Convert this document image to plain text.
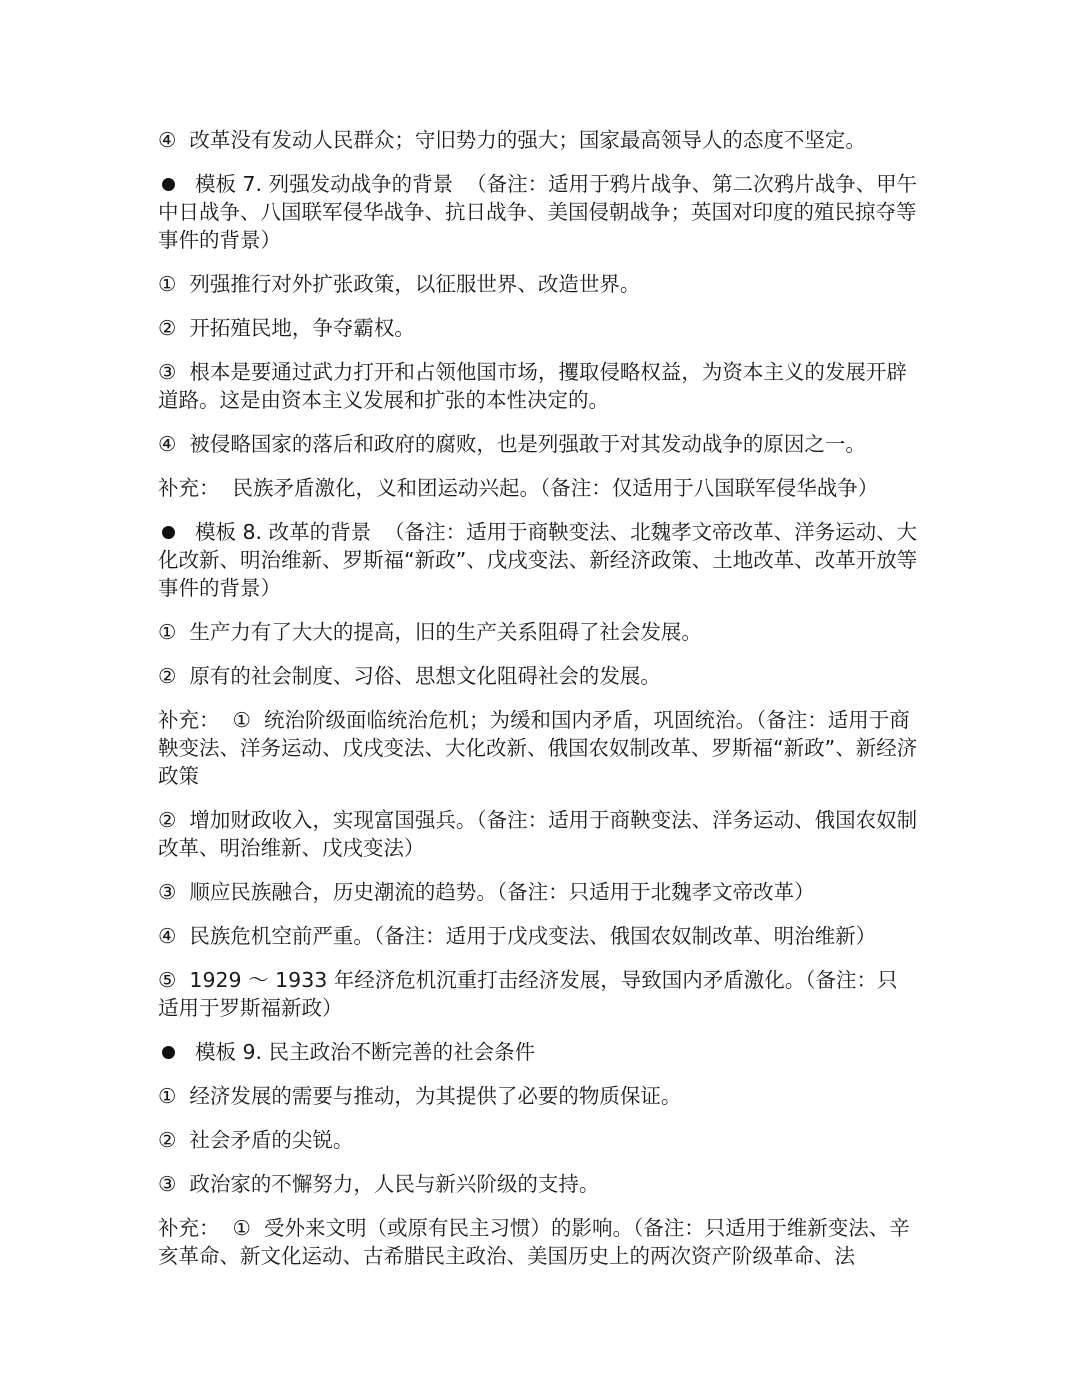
④  改革没有发动人民群众；守旧势力的强大；国家最高领导人的态度不坚定。

模板 7. 列强发动战争的背景  （备注：适用于鸦片战争、第二次鸦片战争、甲午中日战争、八国联军侵华战争、抗日战争、美国侵朝战争；英国对印度的殖民掠夺等事件的背景）

①  列强推行对外扩张政策，以征服世界、改造世界。

②  开拓殖民地，争夺霸权。

③  根本是要通过武力打开和占领他国市场，攫取侵略权益，为资本主义的发展开辟道路。这是由资本主义发展和扩张的本性决定的。

④  被侵略国家的落后和政府的腐败，也是列强敢于对其发动战争的原因之一。

补充：  民族矛盾激化，义和团运动兴起。（备注：仅适用于八国联军侵华战争）

模板 8. 改革的背景  （备注：适用于商鞅变法、北魏孝文帝改革、洋务运动、大化改新、明治维新、罗斯福“新政”、戊戌变法、新经济政策、土地改革、改革开放等事件的背景）

①  生产力有了大大的提高，旧的生产关系阻碍了社会发展。

②  原有的社会制度、习俗、思想文化阻碍社会的发展。

补充：  ①  统治阶级面临统治危机；为缓和国内矛盾，巩固统治。（备注：适用于商鞅变法、洋务运动、戊戌变法、大化改新、俄国农奴制改革、罗斯福“新政”、新经济政策

②  增加财政收入，实现富国强兵。（备注：适用于商鞅变法、洋务运动、俄国农奴制改革、明治维新、戊戌变法）

③  顺应民族融合，历史潮流的趋势。（备注：只适用于北魏孝文帝改革）

④  民族危机空前严重。（备注：适用于戊戌变法、俄国农奴制改革、明治维新）

⑤  1929 ～ 1933 年经济危机沉重打击经济发展，导致国内矛盾激化。（备注：只适用于罗斯福新政）

模板 9. 民主政治不断完善的社会条件

①  经济发展的需要与推动，为其提供了必要的物质保证。

②  社会矛盾的尖锐。

③  政治家的不懈努力，人民与新兴阶级的支持。

补充：  ①  受外来文明（或原有民主习惯）的影响。（备注：只适用于维新变法、辛亥革命、新文化运动、古希腊民主政治、美国历史上的两次资产阶级革命、法
